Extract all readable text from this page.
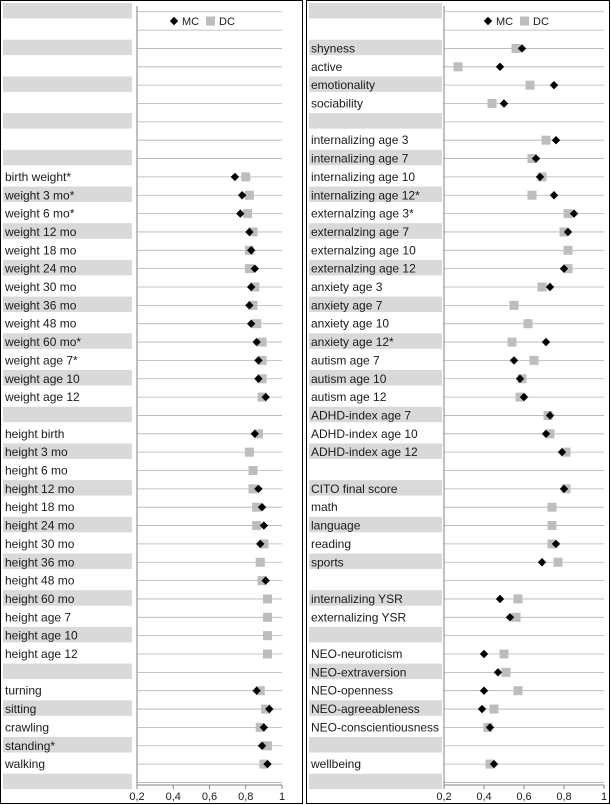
birth weight*
weight 3 mo*
weight 6 mo*
weight 12 mo
weight 18 mo
weight 24 mo
weight 30 mo
weight 36 mo
weight 48 mo
weight 60 mo*
weight age 7*
weight age 10
weight age 12
height birth
height 3 mo
height 6 mo
height 12 mo
height 18 mo
height 24 mo
height 30 mo
height 36 mo
height 48 mo
height 60 mo
height age 7
height age 10
height age 12
turning
sitting
crawling
standing*
walking
0,2 0,4 0,6 0,8 1
MC DC
shyness
active
emotionality
sociability
internalizing age 3
internalizing age 7
internalizing age 10
internalizing age 12*
externalzing age 3*
externalzing age 7
externalzing age 10
externalzing age 12
anxiety age 3
anxiety age 7
anxiety age 10
anxiety age 12*
autism age 7
autism age 10
autism age 12
ADHD-index age 7
ADHD-index age 10
ADHD-index age 12
CITO final score
math
language
reading
sports
internalizing YSR
externalizing YSR
NEO-neuroticism
NEO-extraversion
NEO-openness
NEO-agreeableness
NEO-conscientiousness
wellbeing
0,2 0,4 0,6 0,8	1
MC DC
